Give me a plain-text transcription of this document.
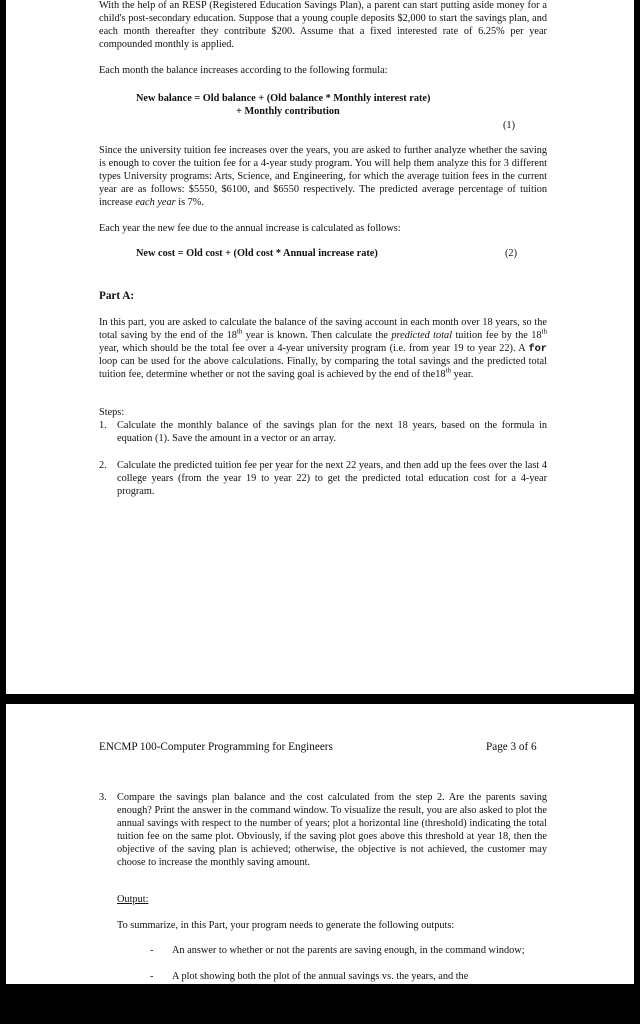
With the help of an RESP (Registered Education Savings Plan), a parent can start putting aside money for a child's post-secondary education. Suppose that a young couple deposits $2,000 to start the savings plan, and each month thereafter they contribute $200. Assume that a fixed interested rate of 6.25% per year compounded monthly is applied.

Each month the balance increases according to the following formula:

New balance = Old balance + (Old balance * Monthly interest rate)
+ Monthly contribution
(1)

Since the university tuition fee increases over the years, you are asked to further analyze whether the saving is enough to cover the tuition fee for a 4-year study program. You will help them analyze this for 3 different types University programs: Arts, Science, and Engineering, for which the average tuition fees in the current year are as follows: $5550, $6100, and $6550 respectively. The predicted average percentage of tuition increase each year is 7%.

Each year the new fee due to the annual increase is calculated as follows:

New cost = Old cost + (Old cost * Annual increase rate)	(2)
Part A:

In this part, you are asked to calculate the balance of the saving account in each month over 18 years, so the total saving by the end of the 18th year is known. Then calculate the predicted total tuition fee by the 18th year, which should be the total fee over a 4-year university program (i.e. from year 19 to year 22). A for loop can be used for the above calculations. Finally, by comparing the total savings and the predicted total tuition fee, determine whether or not the saving goal is achieved by the end of the18th year.

Steps:
1. Calculate the monthly balance of the savings plan for the next 18 years, based on the formula in equation (1). Save the amount in a vector or an array.
2. Calculate the predicted tuition fee per year for the next 22 years, and then add up the fees over the last 4 college years (from the year 19 to year 22) to get the predicted total education cost for a 4-year program.
ENCMP 100-Computer Programming for Engineers	Page 3 of 6
3. Compare the savings plan balance and the cost calculated from the step 2. Are the parents saving enough? Print the answer in the command window. To visualize the result, you are also asked to plot the annual savings with respect to the number of years; plot a horizontal line (threshold) indicating the total tuition fee on the same plot. Obviously, if the saving plot goes above this threshold at year 18, then the objective of the saving plan is achieved; otherwise, the objective is not achieved, the customer may choose to increase the monthly saving amount.
Output:

To summarize, in this Part, your program needs to generate the following outputs:

- An answer to whether or not the parents are saving enough, in the command window;
- A plot showing both the plot of the annual savings vs. the years, and the
